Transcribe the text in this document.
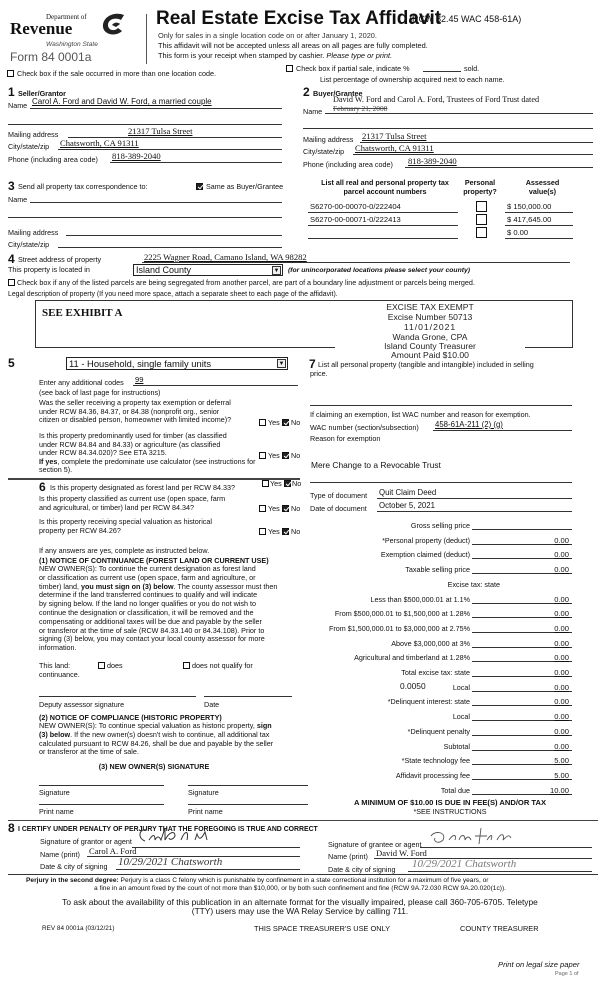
Department of
Revenue
Washington State
Form 84 0001a
Real Estate Excise Tax Affidavit
(RCW 82.45 WAC 458-61A)
Only for sales in a single location code on or after January 1, 2020.
This affidavit will not be accepted unless all areas on all pages are fully completed.
This form is your receipt when stamped by cashier. Please type or print.
Check box if the sale occurred in more than one location code.
Check box if partial sale, indicate %	sold.
List percentage of ownership acquired next to each name.
1 Seller/Grantor
Name Carol A. Ford and David W. Ford, a married couple
Mailing address	21317 Tulsa Street
City/state/zip Chatsworth, CA 91311
Phone (including area code) 818-389-2040
2 Buyer/Grantee
Name
David W. Ford and Carol A. Ford, Trustees of Ford Trust dated
February 21, 2008
Mailing address 21317 Tulsa Street
City/state/zip Chatsworth, CA 91311
Phone (including area code) 818-389-2040
3 Send all property tax correspondence to:	Same as Buyer/Grantee
Name
Mailing address
City/state/zip
List all real and personal property tax parcel account numbers
Personal property?
Assessed value(s)
S6270-00-00070-0/222404	$ 150,000.00
S6270-00-00071-0/222413	$ 417,645.00
$ 0.00
4 Street address of property	2225 Wagner Road, Camano Island, WA 98282
This property is located in	Island County	▼ (for unincorporated locations please select your county)
Check box if any of the listed parcels are being segregated from another parcel, are part of a boundary line adjustment or parcels being merged.
Legal description of property (If you need more space, attach a separate sheet to each page of the affidavit).
SEE EXHIBIT A	EXCISE TAX EXEMPT
Excise Number 50713
11/01/2021
Wanda Grone, CPA
Island County Treasurer
Amount Paid $10.00
5	11 - Household, single family units	▼
Enter any additional codes 99
(see back of last page for instructions)
Was the seller receiving a property tax exemption or deferral
under RCW 84.36, 84.37, or 84.38 (nonprofit org., senior
citizen or disabled person, homeowner with limited income)?	Yes No
Is this property predominantly used for timber (as classified
under RCW 84.84 and 84.33) or agriculture (as classified
under RCW 84.34.020)? See ETA 3215.
If yes, complete the predominate use calculator (see instructions for
section 5).
Yes No
6 Is this property designated as forest land per RCW 84.33?	Yes No
Is this property classified as current use (open space, farm
and agricultural, or timber) land per RCW 84.34?	Yes No
Is this property receiving special valuation as historical
property per RCW 84.26?	Yes No
If any answers are yes, complete as instructed below.
(1) NOTICE OF CONTINUANCE (FOREST LAND OR CURRENT USE)
NEW OWNER(S): To continue the current designation as forest land
or classification as current use (open space, farm and agriculture, or
timber) land, you must sign on (3) below. The county assessor must then
determine if the land transferred continues to qualify and will indicate
by signing below. If the land no longer qualifies or you do not wish to
continue the designation or classification, it will be removed and the
compensating or additional taxes will be due and payable by the seller
or transferor at the time of sale (RCW 84.33.140 or 84.34.108). Prior to
signing (3) below, you may contact your local county assessor for more
information.
This land:	does	does not qualify for
continuance.
Deputy assessor signature	Date
(2) NOTICE OF COMPLIANCE (HISTORIC PROPERTY)
NEW OWNER(S): To continue special valuation as historic property, sign
(3) below. If the new owner(s) doesn't wish to continue, all additional tax
calculated pursuant to RCW 84.26, shall be due and payable by the seller
or transferor at the time of sale.
(3) NEW OWNER(S) SIGNATURE
Signature	Signature
Print name	Print name
7 List all personal property (tangible and intangible) included in selling
price.
If claiming an exemption, list WAC number and reason for exemption.
WAC number (section/subsection) 458-61A-211 (2) (g)
Reason for exemption
Mere Change to a Revocable Trust
Type of document Quit Claim Deed
Date of document October 5, 2021
Gross selling price
*Personal property (deduct)	0.00
Exemption claimed (deduct)	0.00
Taxable selling price	0.00
Excise tax: state
Less than $500,000.01 at 1.1%	0.00
From $500,000.01 to $1,500,000 at 1.28%	0.00
From $1,500,000.01 to $3,000,000 at 2.75%	0.00
Above $3,000,000 at 3%	0.00
Agricultural and timberland at 1.28%	0.00
Total excise tax: state	0.00
Local
0.0050	0.00
*Delinquent interest: state	0.00
Local	0.00
*Delinquent penalty	0.00
Subtotal	0.00
*State technology fee	5.00
Affidavit processing fee	5.00
Total due	10.00
A MINIMUM OF $10.00 IS DUE IN FEE(S) AND/OR TAX
*SEE INSTRUCTIONS
8 I CERTIFY UNDER PENALTY OF PERJURY THAT THE FOREGOING IS TRUE AND CORRECT
Signature of grantor or agent
Name (print) Carol A. Ford
Date & city of signing 10/29/2021 Chatsworth
Signature of grantee or agent
Name (print) David W. Ford
Date & city of signing 10/29/2021 Chatsworth
Perjury in the second degree: Perjury is a class C felony which is punishable by confinement in a state correctional institution for a maximum of five years, or
a fine in an amount fixed by the court of not more than $10,000, or by both such confinement and fine (RCW 9A.72.030 RCW 9A.20.020(1c)).
To ask about the availability of this publication in an alternate format for the visually impaired, please call 360-705-6705. Teletype
(TTY) users may use the WA Relay Service by calling 711.
REV 84 0001a (03/12/21)	THIS SPACE TREASURER'S USE ONLY	COUNTY TREASURER
Print on legal size paper
Page 1 of
